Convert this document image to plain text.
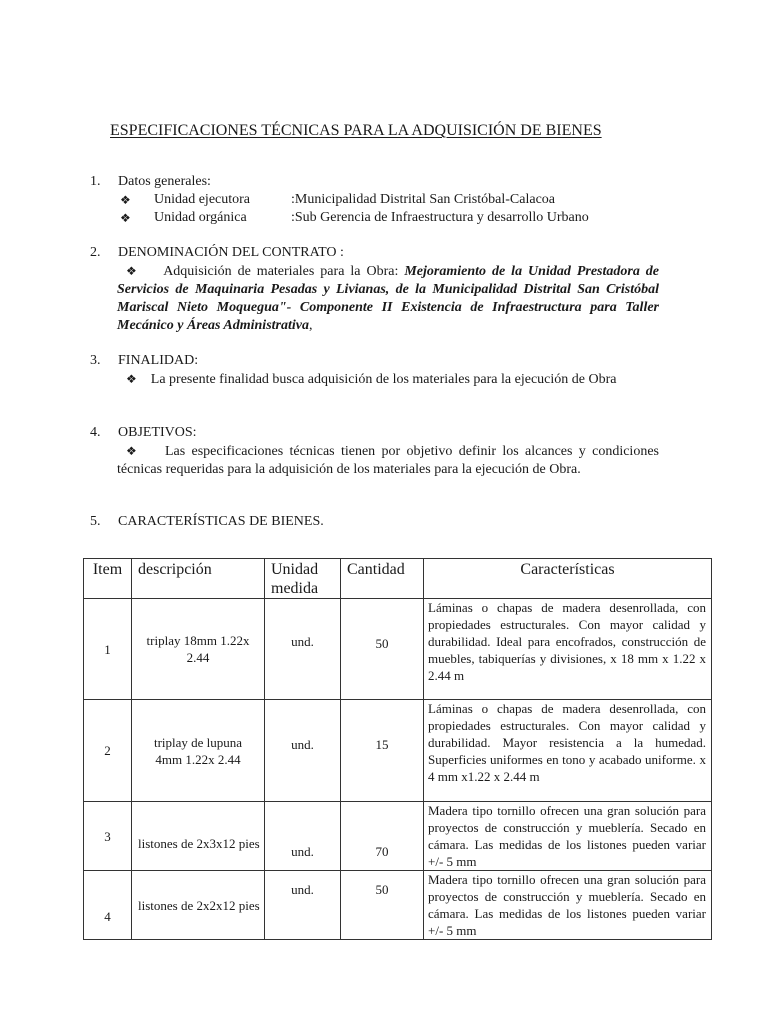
ESPECIFICACIONES TÉCNICAS PARA LA ADQUISICIÓN DE BIENES
1. Datos generales:
❖ Unidad ejecutora	:Municipalidad Distrital San Cristóbal-Calacoa
❖ Unidad orgánica	:Sub Gerencia de Infraestructura y desarrollo Urbano
2. DENOMINACIÓN DEL CONTRATO :
❖ Adquisición de materiales para la Obra: Mejoramiento de la Unidad Prestadora de Servicios de Maquinaria Pesadas y Livianas, de la Municipalidad Distrital San Cristóbal Mariscal Nieto Moquegua"- Componente II Existencia de Infraestructura para Taller Mecánico y Áreas Administrativa,
3. FINALIDAD:
❖ La presente finalidad busca adquisición de los materiales para la ejecución de Obra
4. OBJETIVOS:
❖ Las especificaciones técnicas tienen por objetivo definir los alcances y condiciones técnicas requeridas para la adquisición de los materiales para la ejecución de Obra.
5. CARACTERÍSTICAS DE BIENES.
Item	descripción	Unidad medida	Cantidad	Características
1	triplay 18mm 1.22x 2.44	und.	50	Láminas o chapas de madera desenrollada, con propiedades estructurales. Con mayor calidad y durabilidad. Ideal para encofrados, construcción de muebles, tabiquerías y divisiones, x 18 mm x 1.22 x 2.44 m
2	triplay de lupuna 4mm 1.22x 2.44	und.	15	Láminas o chapas de madera desenrollada, con propiedades estructurales. Con mayor calidad y durabilidad. Mayor resistencia a la humedad. Superficies uniformes en tono y acabado uniforme. x 4 mm x1.22 x 2.44 m
3	listones de 2x3x12 pies	und.	70	Madera tipo tornillo ofrecen una gran solución para proyectos de construcción y mueblería. Secado en cámara. Las medidas de los listones pueden variar +/- 5 mm
4	listones de 2x2x12 pies	und.	50	Madera tipo tornillo ofrecen una gran solución para proyectos de construcción y mueblería. Secado en cámara. Las medidas de los listones pueden variar +/- 5 mm
